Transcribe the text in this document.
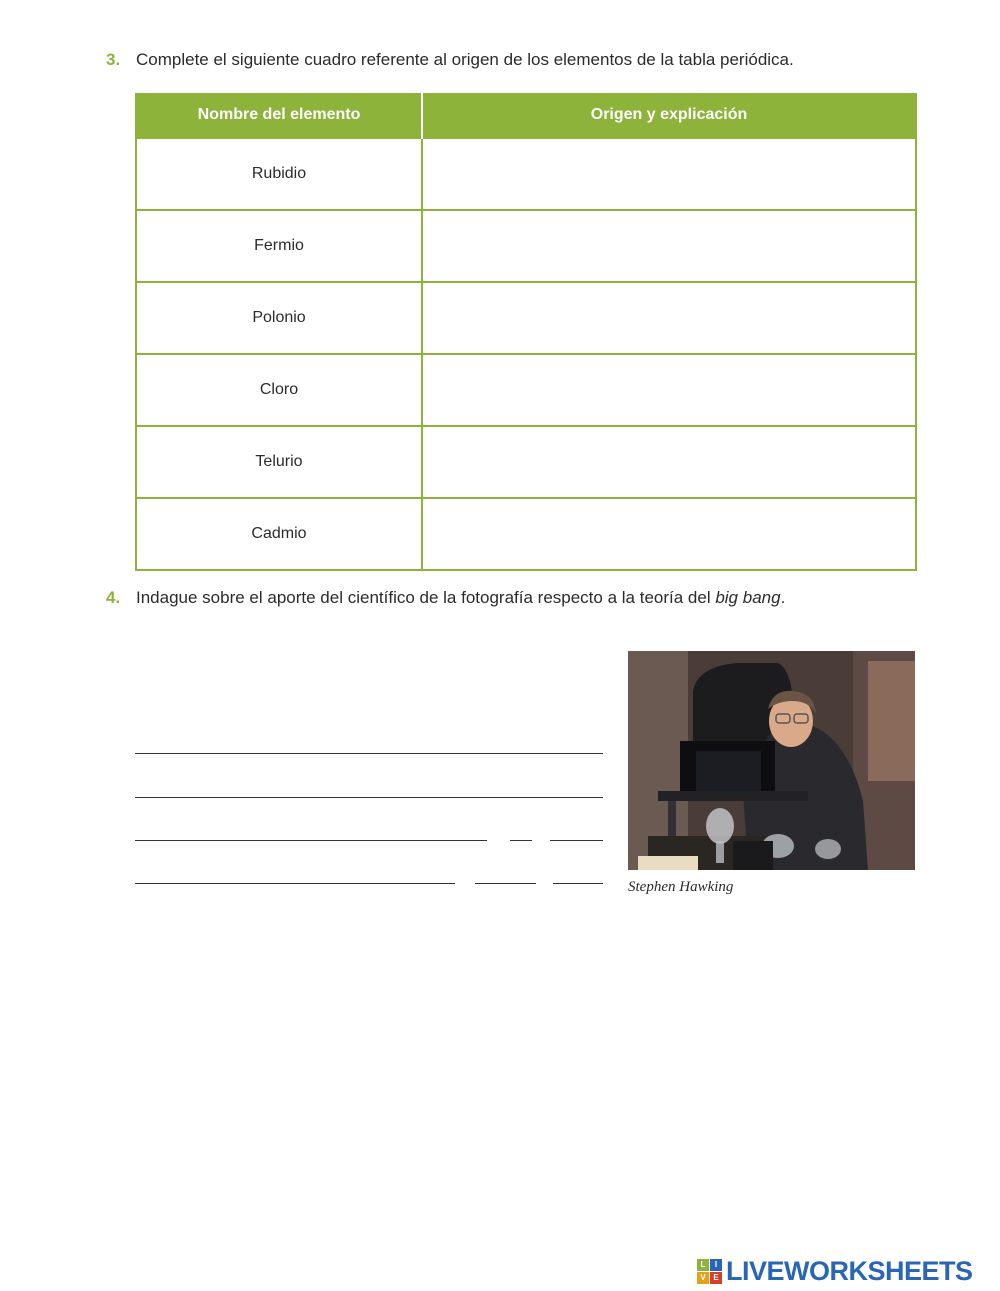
3. Complete el siguiente cuadro referente al origen de los elementos de la tabla periódica.
Nombre del elemento	Origen y explicación
Rubidio	

Fermio	

Polonio	

Cloro	

Telurio	

Cadmio	
4. Indague sobre el aporte del científico de la fotografía respecto a la teoría del big bang.
Stephen Hawking
L	I
V E LIVEWORKSHEETS
